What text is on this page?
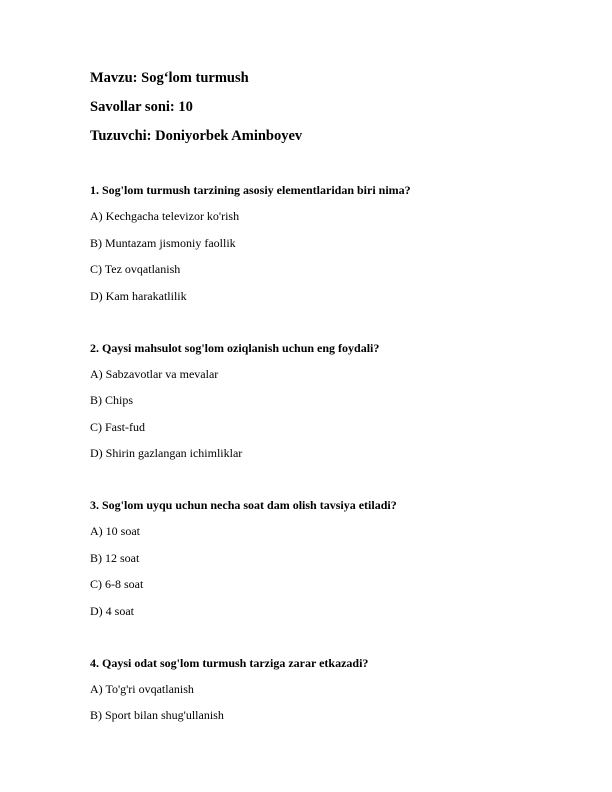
Mavzu: Sog‘lom turmush

Savollar soni: 10

Tuzuvchi: Doniyorbek Aminboyev

1. Sog'lom turmush tarzining asosiy elementlaridan biri nima?

A) Kechgacha televizor ko'rish

B) Muntazam jismoniy faollik

C) Tez ovqatlanish

D) Kam harakatlilik

2. Qaysi mahsulot sog'lom oziqlanish uchun eng foydali?

A) Sabzavotlar va mevalar

B) Chips

C) Fast-fud

D) Shirin gazlangan ichimliklar

3. Sog'lom uyqu uchun necha soat dam olish tavsiya etiladi?

A) 10 soat

B) 12 soat

C) 6-8 soat

D) 4 soat

4. Qaysi odat sog'lom turmush tarziga zarar etkazadi?

A) To'g'ri ovqatlanish

B) Sport bilan shug'ullanish
